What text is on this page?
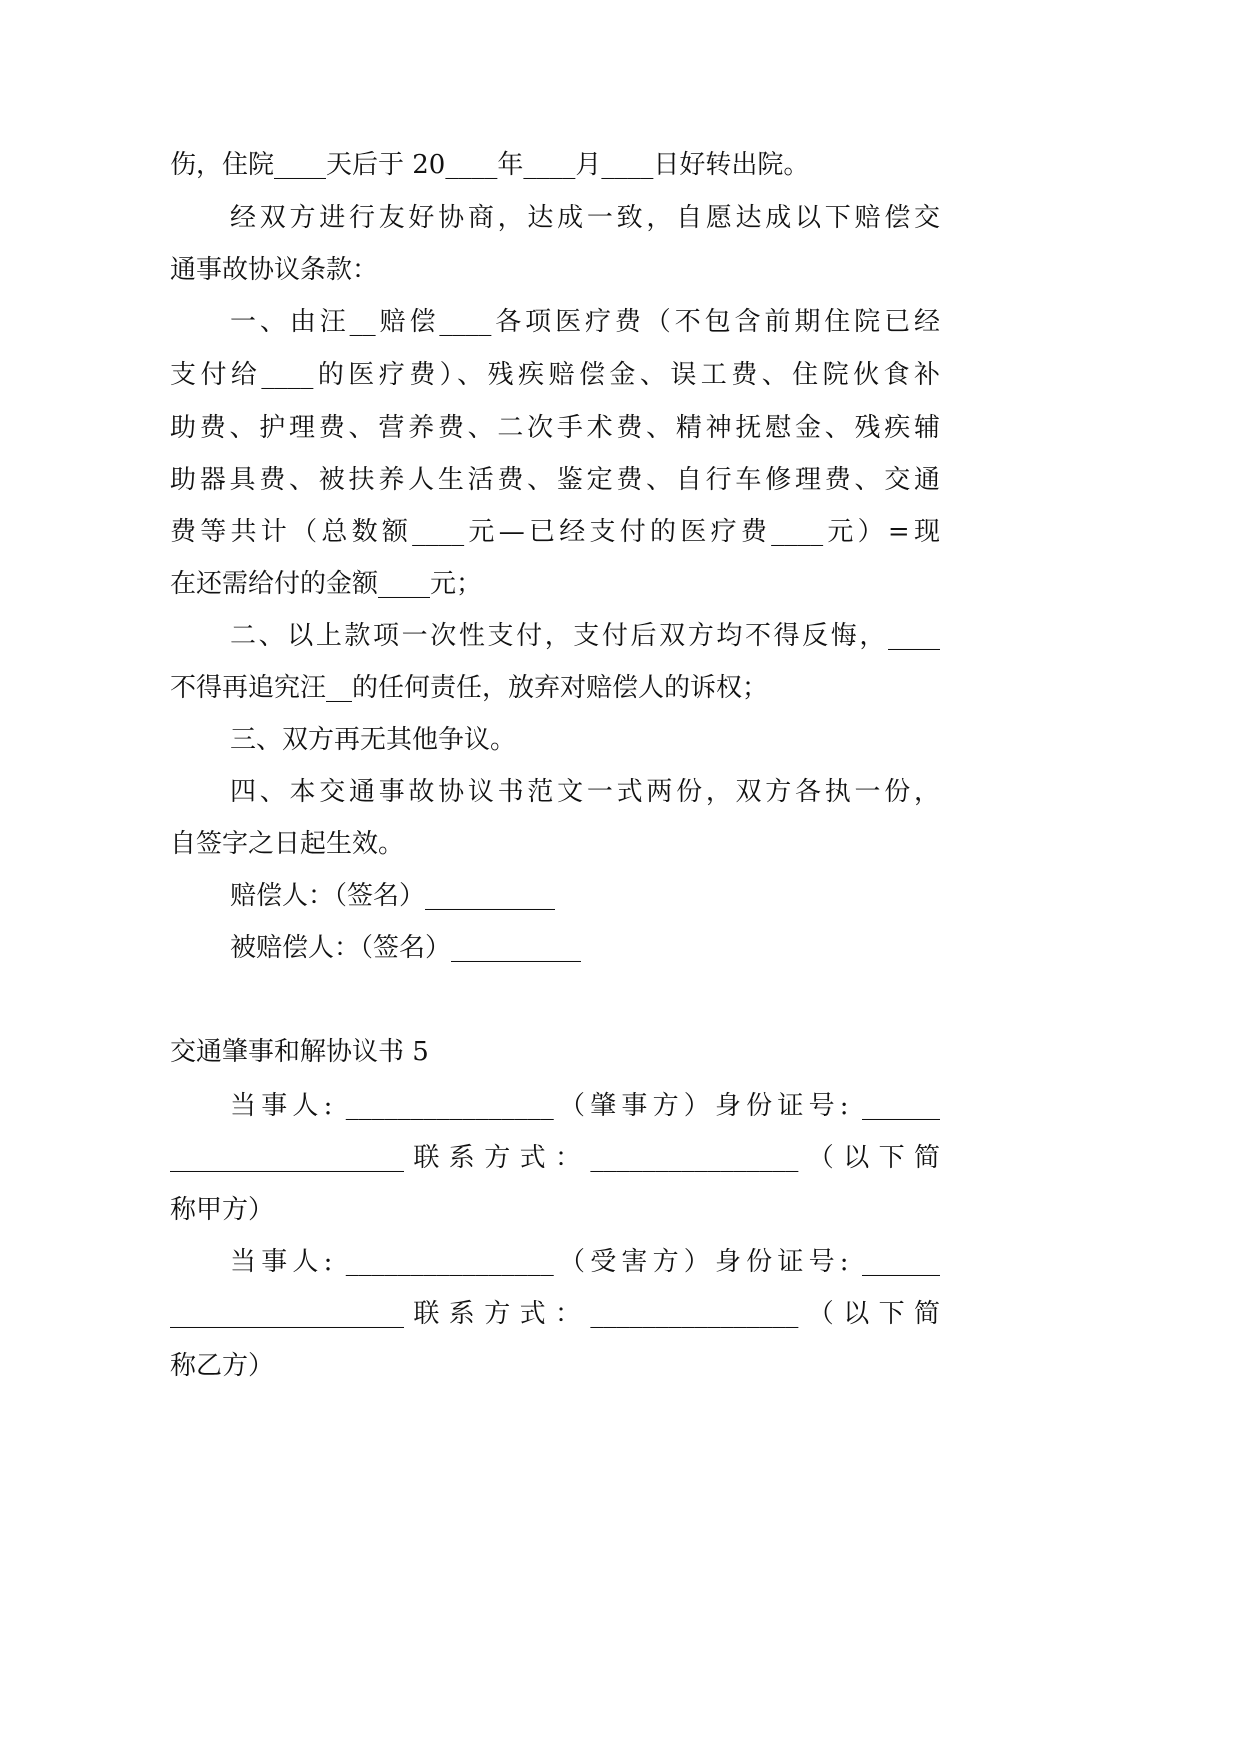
伤，住院____天后于 20____年____月____日好转出院。
经双方进行友好协商，达成一致，自愿达成以下赔偿交
通事故协议条款：
一、由汪__赔偿____各项医疗费（不包含前期住院已经
支付给____的医疗费）、残疾赔偿金、误工费、住院伙食补
助费、护理费、营养费、二次手术费、精神抚慰金、残疾辅
助器具费、被扶养人生活费、鉴定费、自行车修理费、交通
费等共计（总数额____元—已经支付的医疗费____元）=现
在还需给付的金额____元；
二、以上款项一次性支付，支付后双方均不得反悔，____
不得再追究汪__的任何责任，放弃对赔偿人的诉权；
三、双方再无其他争议。
四、本交通事故协议书范文一式两份，双方各执一份，
自签字之日起生效。
赔偿人：（签名）__________
被赔偿人：（签名）__________
交通肇事和解协议书 5
当事人: ________________（肇事方）身份证号: ______
__________________联系方式：________________（以下简
称甲方）
当事人: ________________（受害方）身份证号: ______
__________________联系方式：________________（以下简
称乙方）
